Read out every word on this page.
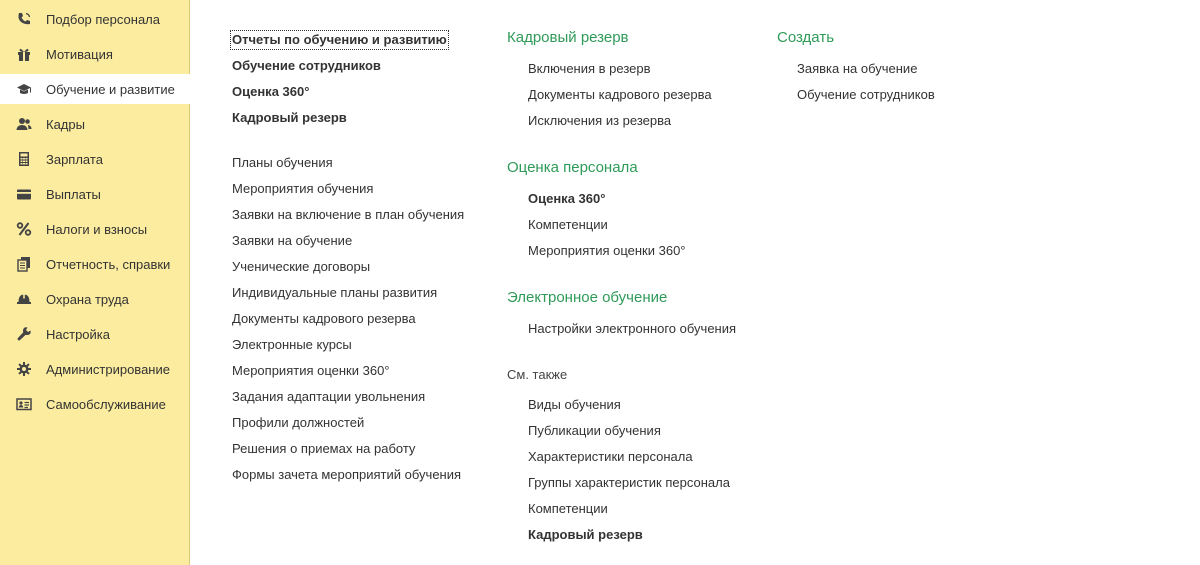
Подбор персонала
Мотивация
Обучение и развитие
Кадры
Зарплата
Выплаты
Налоги и взносы
Отчетность, справки
Охрана труда
Настройка
Администрирование
Самообслуживание
Отчеты по обучению и развитию
Обучение сотрудников
Оценка 360°
Кадровый резерв
Планы обучения
Мероприятия обучения
Заявки на включение в план обучения
Заявки на обучение
Ученические договоры
Индивидуальные планы развития
Документы кадрового резерва
Электронные курсы
Мероприятия оценки 360°
Задания адаптации увольнения
Профили должностей
Решения о приемах на работу
Формы зачета мероприятий обучения
Кадровый резерв
Включения в резерв
Документы кадрового резерва
Исключения из резерва
Оценка персонала
Оценка 360°
Компетенции
Мероприятия оценки 360°
Электронное обучение
Настройки электронного обучения
См. также
Виды обучения
Публикации обучения
Характеристики персонала
Группы характеристик персонала
Компетенции
Кадровый резерв
Создать
Заявка на обучение
Обучение сотрудников
